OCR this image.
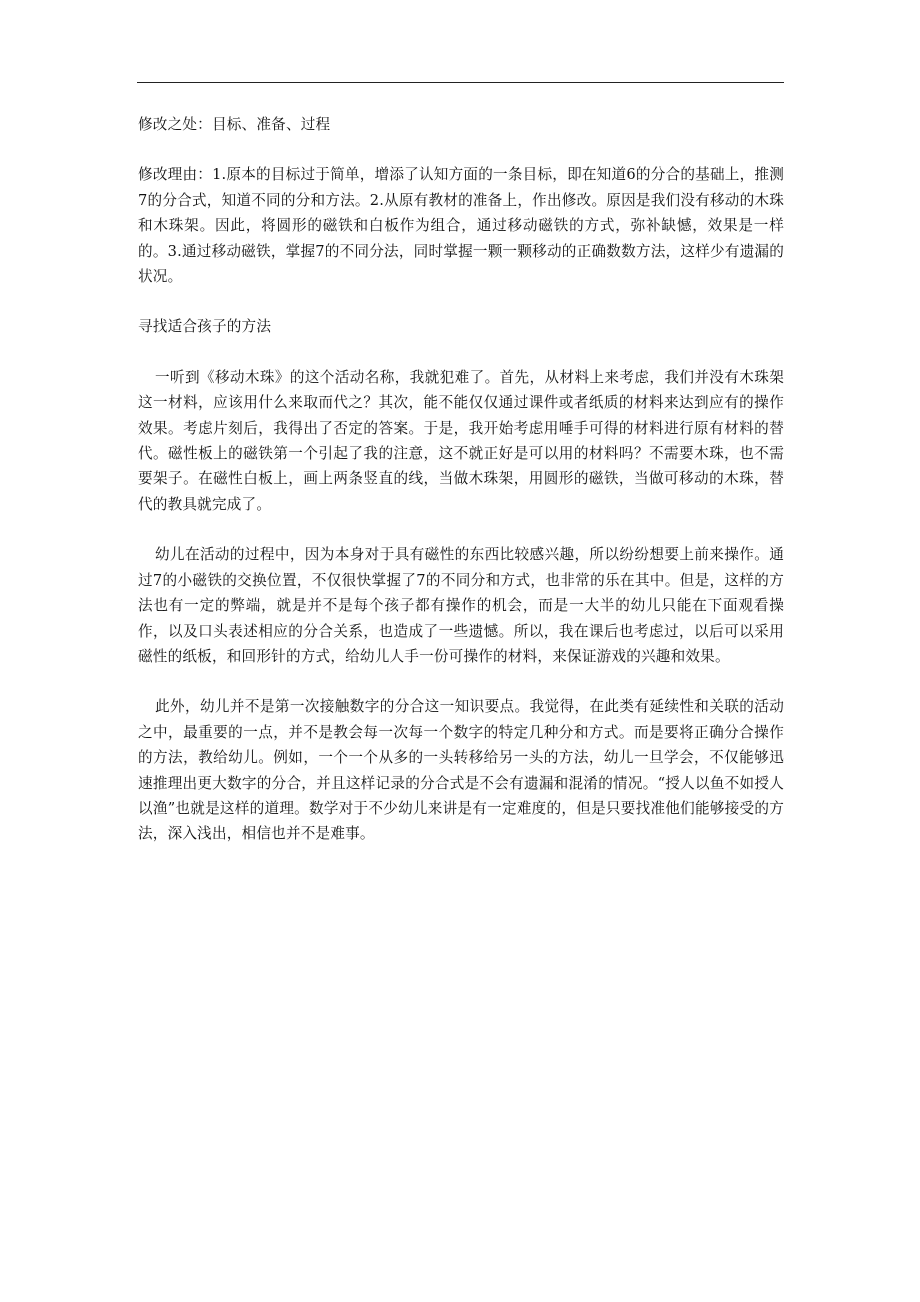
修改之处：目标、准备、过程

修改理由：1.原本的目标过于简单，增添了认知方面的一条目标，即在知道6的分合的基础上，推测7的分合式，知道不同的分和方法。2.从原有教材的准备上，作出修改。原因是我们没有移动的木珠和木珠架。因此，将圆形的磁铁和白板作为组合，通过移动磁铁的方式，弥补缺憾，效果是一样的。3.通过移动磁铁，掌握7的不同分法，同时掌握一颗一颗移动的正确数数方法，这样少有遗漏的状况。

寻找适合孩子的方法

一听到《移动木珠》的这个活动名称，我就犯难了。首先，从材料上来考虑，我们并没有木珠架这一材料，应该用什么来取而代之？其次，能不能仅仅通过课件或者纸质的材料来达到应有的操作效果。考虑片刻后，我得出了否定的答案。于是，我开始考虑用唾手可得的材料进行原有材料的替代。磁性板上的磁铁第一个引起了我的注意，这不就正好是可以用的材料吗？不需要木珠，也不需要架子。在磁性白板上，画上两条竖直的线，当做木珠架，用圆形的磁铁，当做可移动的木珠，替代的教具就完成了。

幼儿在活动的过程中，因为本身对于具有磁性的东西比较感兴趣，所以纷纷想要上前来操作。通过7的小磁铁的交换位置，不仅很快掌握了7的不同分和方式，也非常的乐在其中。但是，这样的方法也有一定的弊端，就是并不是每个孩子都有操作的机会，而是一大半的幼儿只能在下面观看操作，以及口头表述相应的分合关系，也造成了一些遗憾。所以，我在课后也考虑过，以后可以采用磁性的纸板，和回形针的方式，给幼儿人手一份可操作的材料，来保证游戏的兴趣和效果。

此外，幼儿并不是第一次接触数字的分合这一知识要点。我觉得，在此类有延续性和关联的活动之中，最重要的一点，并不是教会每一次每一个数字的特定几种分和方式。而是要将正确分合操作的方法，教给幼儿。例如，一个一个从多的一头转移给另一头的方法，幼儿一旦学会，不仅能够迅速推理出更大数字的分合，并且这样记录的分合式是不会有遗漏和混淆的情况。“授人以鱼不如授人以渔”也就是这样的道理。数学对于不少幼儿来讲是有一定难度的，但是只要找准他们能够接受的方法，深入浅出，相信也并不是难事。
